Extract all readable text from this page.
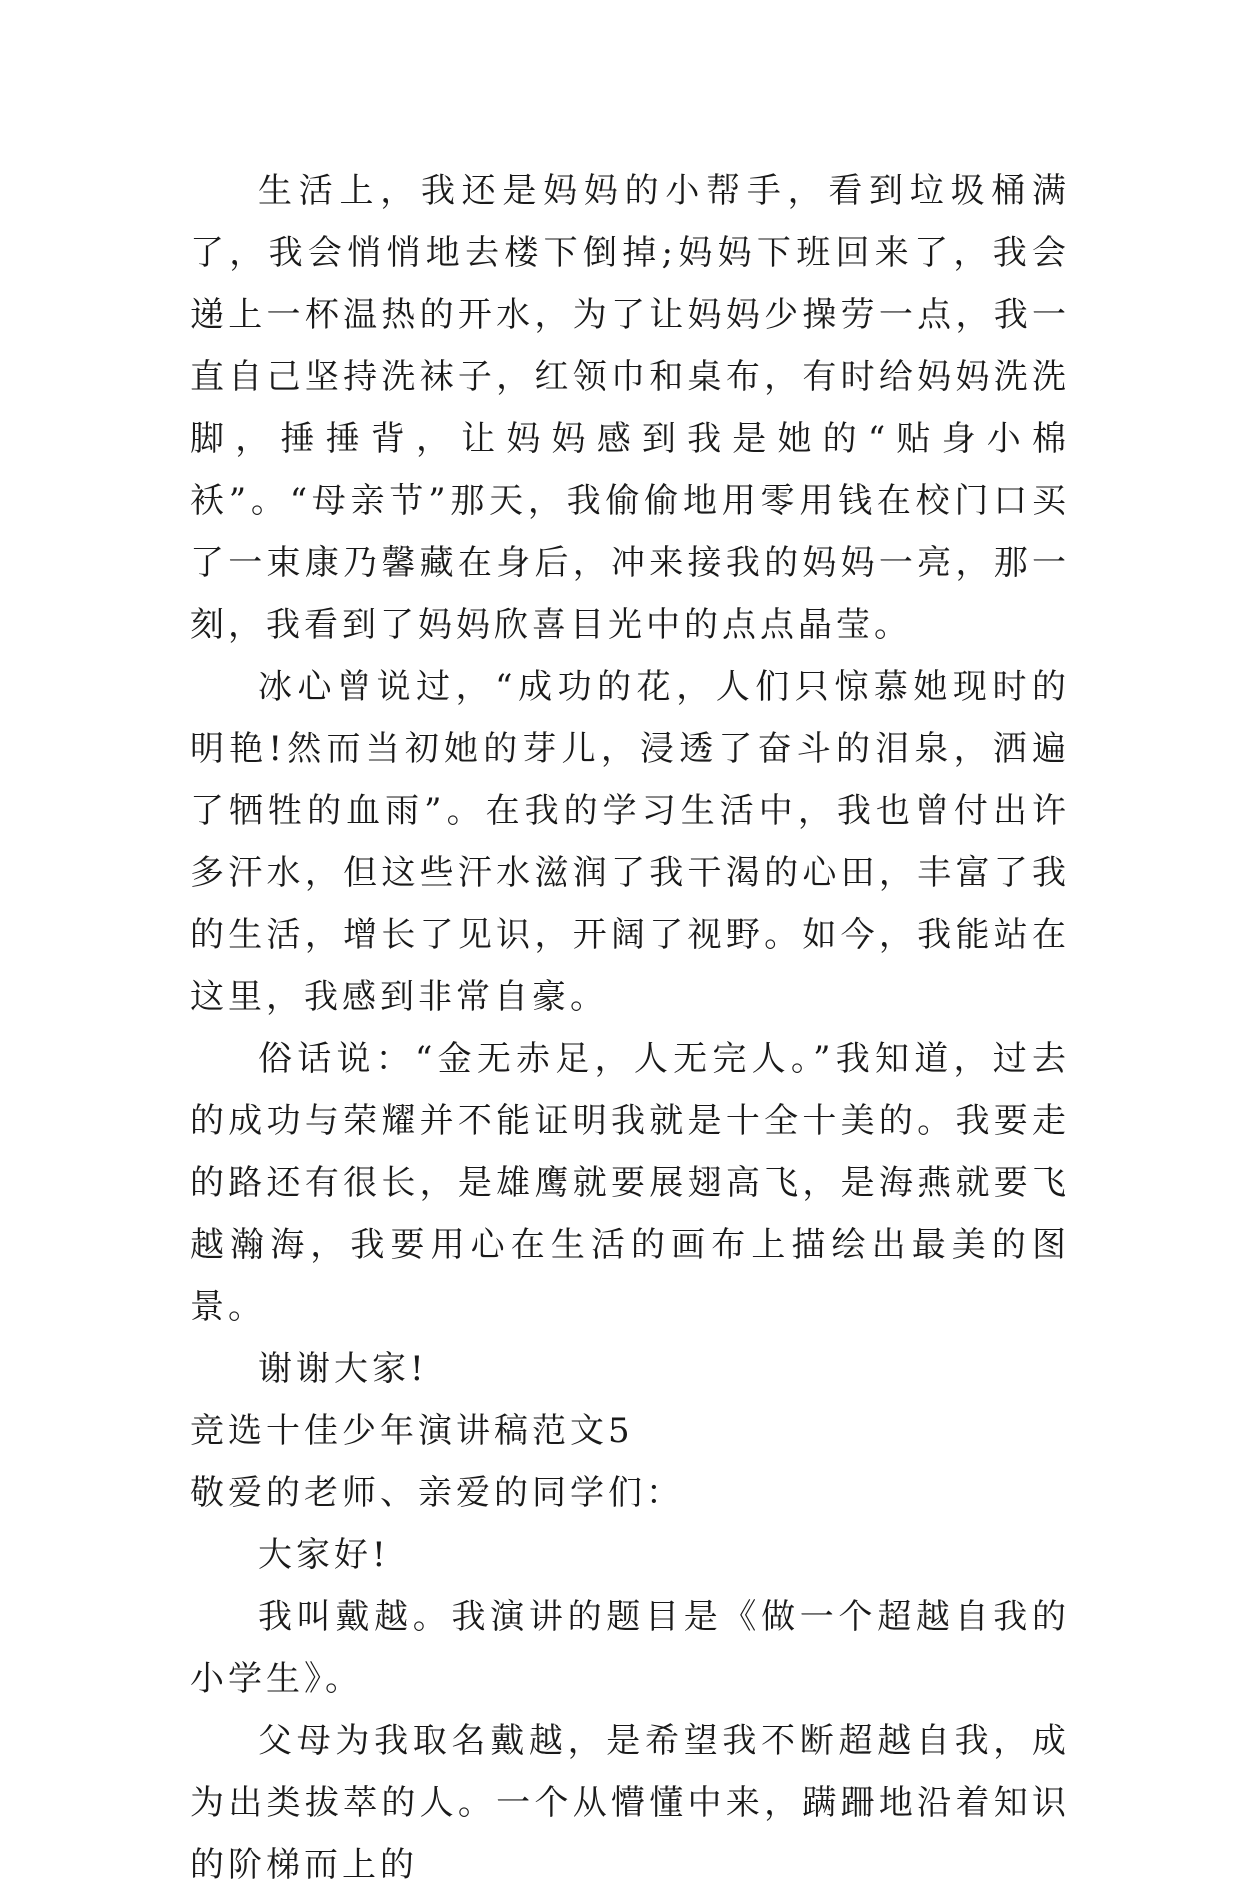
生活上，我还是妈妈的小帮手，看到垃圾桶满了，我会悄悄地去楼下倒掉;妈妈下班回来了，我会递上一杯温热的开水，为了让妈妈少操劳一点，我一直自己坚持洗袜子，红领巾和桌布，有时给妈妈洗洗脚，捶捶背，让妈妈感到我是她的“贴身小棉袄”。“母亲节”那天，我偷偷地用零用钱在校门口买了一束康乃馨藏在身后，冲来接我的妈妈一亮，那一刻，我看到了妈妈欣喜目光中的点点晶莹。

冰心曾说过，“成功的花，人们只惊慕她现时的明艳!然而当初她的芽儿，浸透了奋斗的泪泉，洒遍了牺牲的血雨”。在我的学习生活中，我也曾付出许多汗水，但这些汗水滋润了我干渴的心田，丰富了我的生活，增长了见识，开阔了视野。如今，我能站在这里，我感到非常自豪。

俗话说：“金无赤足，人无完人。”我知道，过去的成功与荣耀并不能证明我就是十全十美的。我要走的路还有很长，是雄鹰就要展翅高飞，是海燕就要飞越瀚海，我要用心在生活的画布上描绘出最美的图景。

谢谢大家!

竞选十佳少年演讲稿范文5

敬爱的老师、亲爱的同学们：

大家好!

我叫戴越。我演讲的题目是《做一个超越自我的小学生》。

父母为我取名戴越，是希望我不断超越自我，成为出类拔萃的人。一个从懵懂中来，蹒跚地沿着知识的阶梯而上的
